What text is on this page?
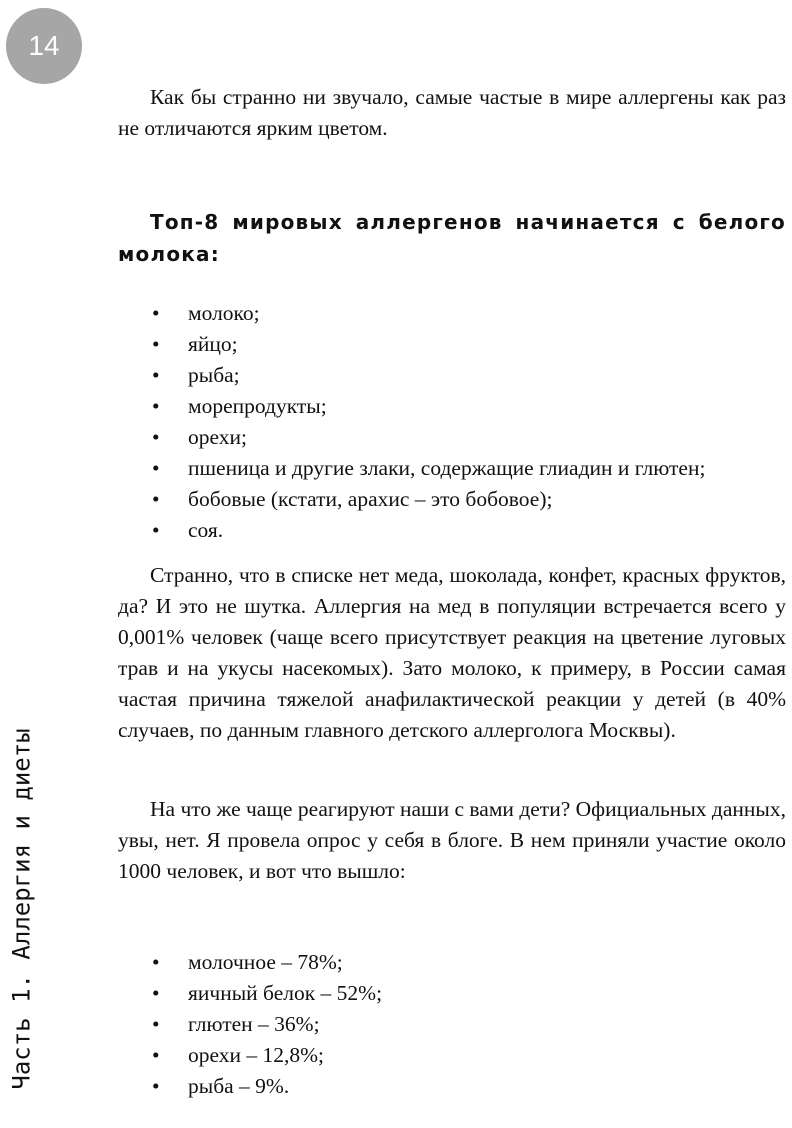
14
Часть 1. Аллергия и диеты

Как бы странно ни звучало, самые частые в мире аллергены как раз не отличаются ярким цветом.

Топ-8 мировых аллергенов начинается с белого молока:
• молоко;
• яйцо;
• рыба;
• морепродукты;
• орехи;
• пшеница и другие злаки, содержащие глиадин и глютен;
• бобовые (кстати, арахис – это бобовое);
• соя.

Странно, что в списке нет меда, шоколада, конфет, красных фруктов, да? И это не шутка. Аллергия на мед в популяции встречается всего у 0,001% человек (чаще всего присутствует реакция на цветение луговых трав и на укусы насекомых). Зато молоко, к примеру, в России самая частая причина тяжелой анафилактической реакции у детей (в 40% случаев, по данным главного детского аллерголога Москвы).

На что же чаще реагируют наши с вами дети? Официальных данных, увы, нет. Я провела опрос у себя в блоге. В нем приняли участие около 1000 человек, и вот что вышло:

• молочное – 78%;
• яичный белок – 52%;
• глютен – 36%;
• орехи – 12,8%;
• рыба – 9%.
